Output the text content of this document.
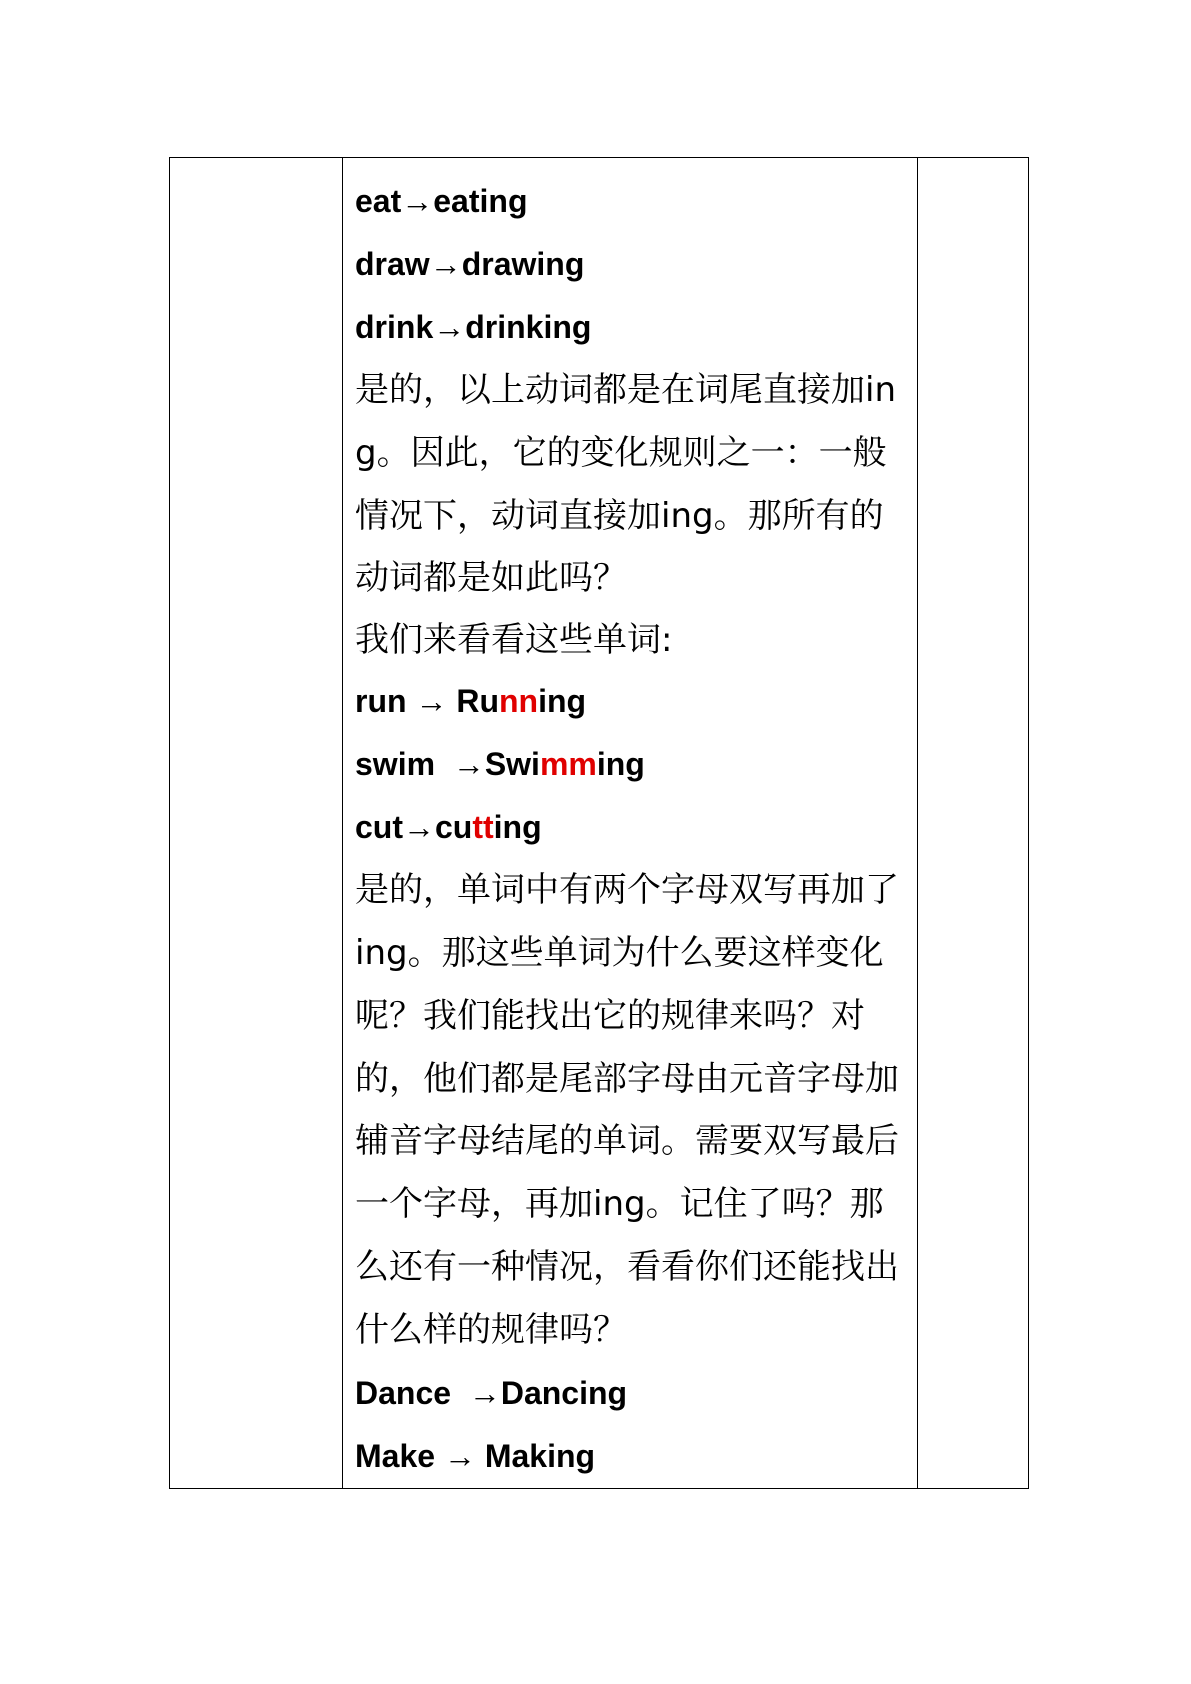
eat→eating
draw→drawing
drink→drinking

是的，以上动词都是在词尾直接加ing。因此，它的变化规则之一：一般情况下，动词直接加ing。那所有的动词都是如此吗？

我们来看看这些单词:
run → Running
swim  →Swimming
cut→cutting

是的，单词中有两个字母双写再加了ing。那这些单词为什么要这样变化呢？我们能找出它的规律来吗？对的，他们都是尾部字母由元音字母加辅音字母结尾的单词。需要双写最后一个字母，再加ing。记住了吗？那么还有一种情况，看看你们还能找出什么样的规律吗？

Dance  →Dancing
Make → Making
